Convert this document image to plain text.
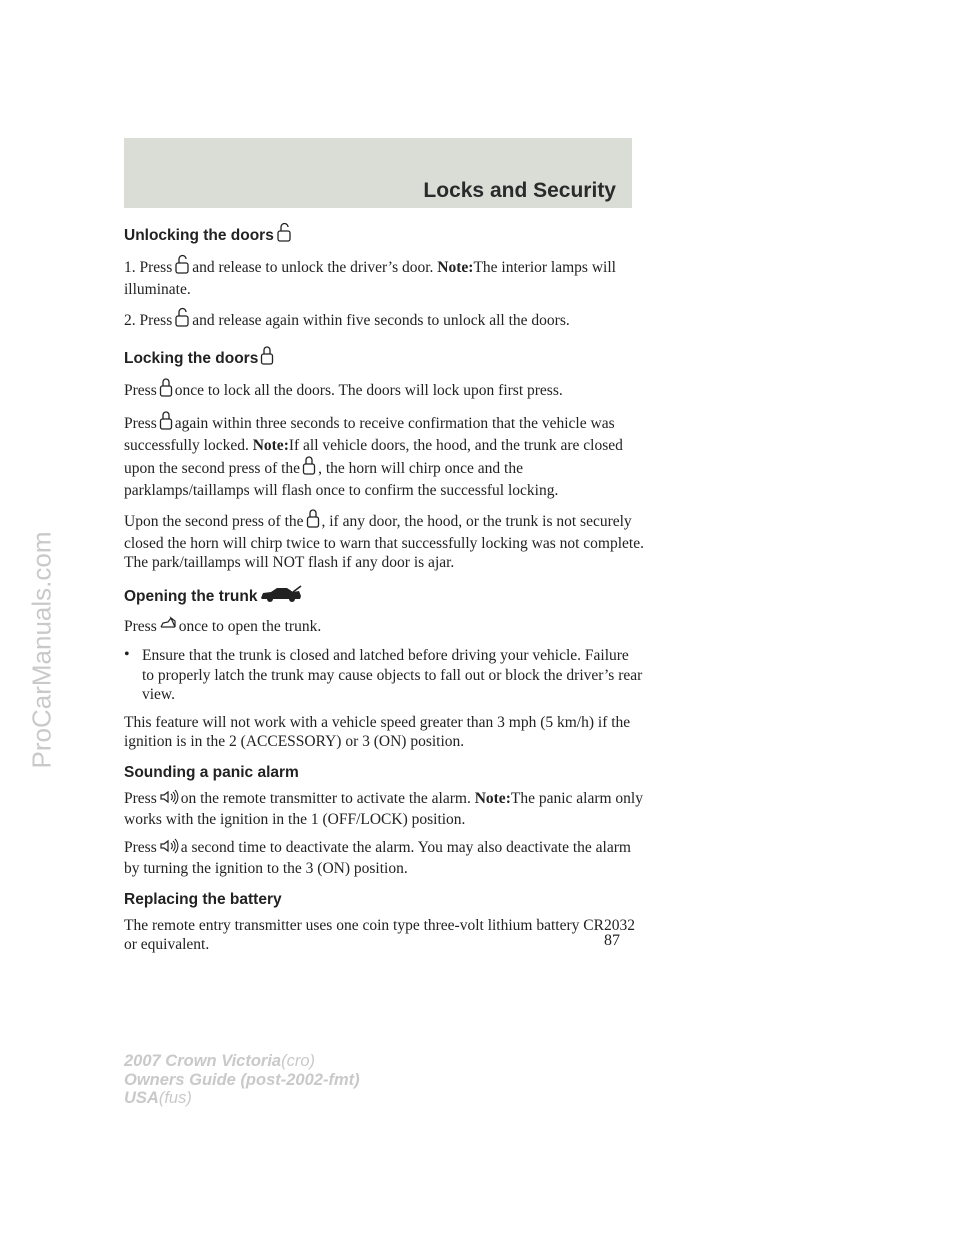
Locks and Security
Unlocking the doors

1. Press and release to unlock the driver’s door. Note:The interior lamps will illuminate.

2. Press and release again within five seconds to unlock all the doors.

Locking the doors

Press once to lock all the doors. The doors will lock upon first press.

Press again within three seconds to receive confirmation that the vehicle was successfully locked. Note:If all vehicle doors, the hood, and the trunk are closed upon the second press of the , the horn will chirp once and the parklamps/taillamps will flash once to confirm the successful locking.

Upon the second press of the , if any door, the hood, or the trunk is not securely closed the horn will chirp twice to warn that successfully locking was not complete. The park/taillamps will NOT flash if any door is ajar.

Opening the trunk

Press once to open the trunk.

• Ensure that the trunk is closed and latched before driving your vehicle. Failure to properly latch the trunk may cause objects to fall out or block the driver’s rear view.

This feature will not work with a vehicle speed greater than 3 mph (5 km/h) if the ignition is in the 2 (ACCESSORY) or 3 (ON) position.

Sounding a panic alarm

Press on the remote transmitter to activate the alarm. Note:The panic alarm only works with the ignition in the 1 (OFF/LOCK) position.

Press a second time to deactivate the alarm. You may also deactivate the alarm by turning the ignition to the 3 (ON) position.

Replacing the battery

The remote entry transmitter uses one coin type three-volt lithium battery CR2032 or equivalent.	87
2007 Crown Victoria(cro)
Owners Guide (post-2002-fmt)
USA(fus)
ProCarManuals.com
